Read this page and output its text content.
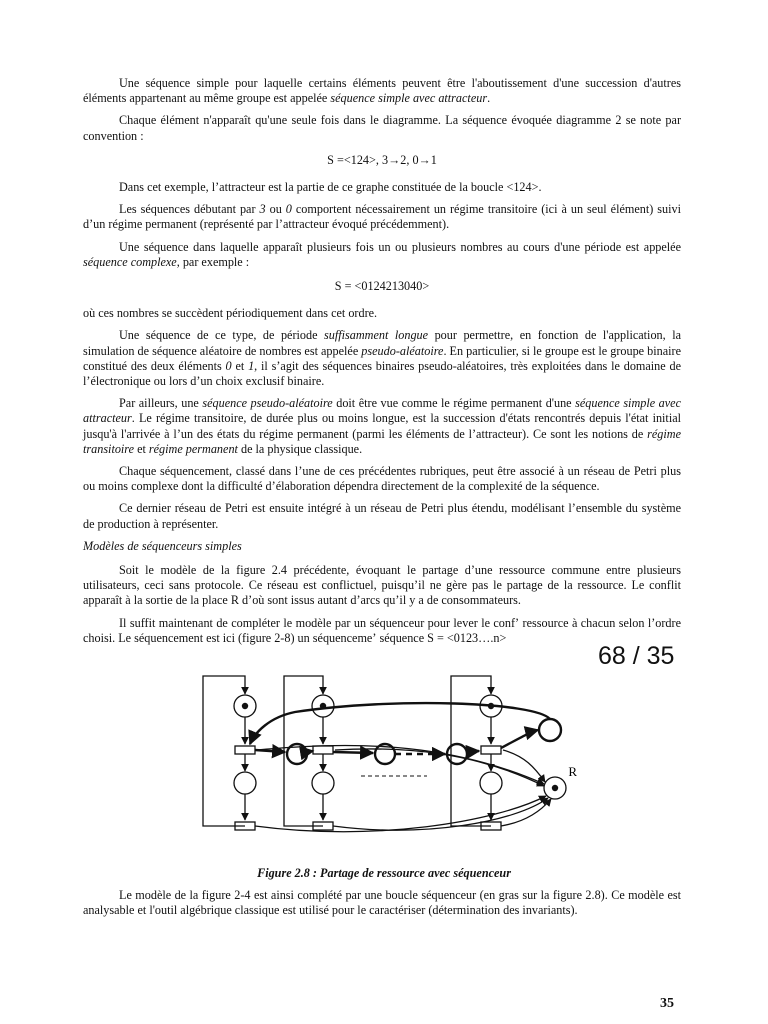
Une séquence simple pour laquelle certains éléments peuvent être l'aboutissement d'une succession d'autres éléments appartenant au même groupe est appelée séquence simple avec attracteur.

Chaque élément n'apparaît qu'une seule fois dans le diagramme. La séquence évoquée diagramme 2 se note par convention :

S =<124>, 3→2, 0→1

Dans cet exemple, l’attracteur est la partie de ce graphe constituée de la boucle <124>.

Les séquences débutant par 3 ou 0 comportent nécessairement un régime transitoire (ici à un seul élément) suivi d’un régime permanent (représenté par l’attracteur évoqué précédemment).

Une séquence dans laquelle apparaît plusieurs fois un ou plusieurs nombres au cours d'une période est appelée séquence complexe, par exemple :

S = <0124213040>

où ces nombres se succèdent périodiquement dans cet ordre.

Une séquence de ce type, de période suffisamment longue pour permettre, en fonction de l'application, la simulation de séquence aléatoire de nombres est appelée pseudo-aléatoire. En particulier, si le groupe est le groupe binaire constitué des deux éléments 0 et 1, il s’agit des séquences binaires pseudo-aléatoires, très exploitées dans le domaine de l’électronique ou lors d’un choix exclusif binaire.

Par ailleurs, une séquence pseudo-aléatoire doit être vue comme le régime permanent d'une séquence simple avec attracteur. Le régime transitoire, de durée plus ou moins longue, est la succession d'états rencontrés depuis l'état initial jusqu'à l'arrivée à l’un des états du régime permanent (parmi les éléments de l’attracteur). Ce sont les notions de régime transitoire et régime permanent de la physique classique.

Chaque séquencement, classé dans l’une de ces précédentes rubriques, peut être associé à un réseau de Petri plus ou moins complexe dont la difficulté d’élaboration dépendra directement de la complexité de la séquence.

Ce dernier réseau de Petri est ensuite intégré à un réseau de Petri plus étendu, modélisant l’ensemble du système de production à représenter.

Modèles de séquenceurs simples

Soit le modèle de la figure 2.4 précédente, évoquant le partage d’une ressource commune entre plusieurs utilisateurs, ceci sans protocole. Ce réseau est conflictuel, puisqu’il ne gère pas le partage de la ressource. Le conflit apparaît à la sortie de la place R d’où sont issus autant d’arcs qu’il y a de consommateurs.

Il suffit maintenant de compléter le modèle par un séquenceur pour lever le confʼ ressource à chacun selon l’ordre choisi. Le séquencement est ici (figure 2-8) un séquencemeʼ séquence S = <0123….n>

68 / 35
R
Figure 2.8 : Partage de ressource avec séquenceur

Le modèle de la figure 2-4 est ainsi complété par une boucle séquenceur (en gras sur la figure 2.8). Ce modèle est analysable et l'outil algébrique classique est utilisé pour le caractériser (détermination des invariants).

35
